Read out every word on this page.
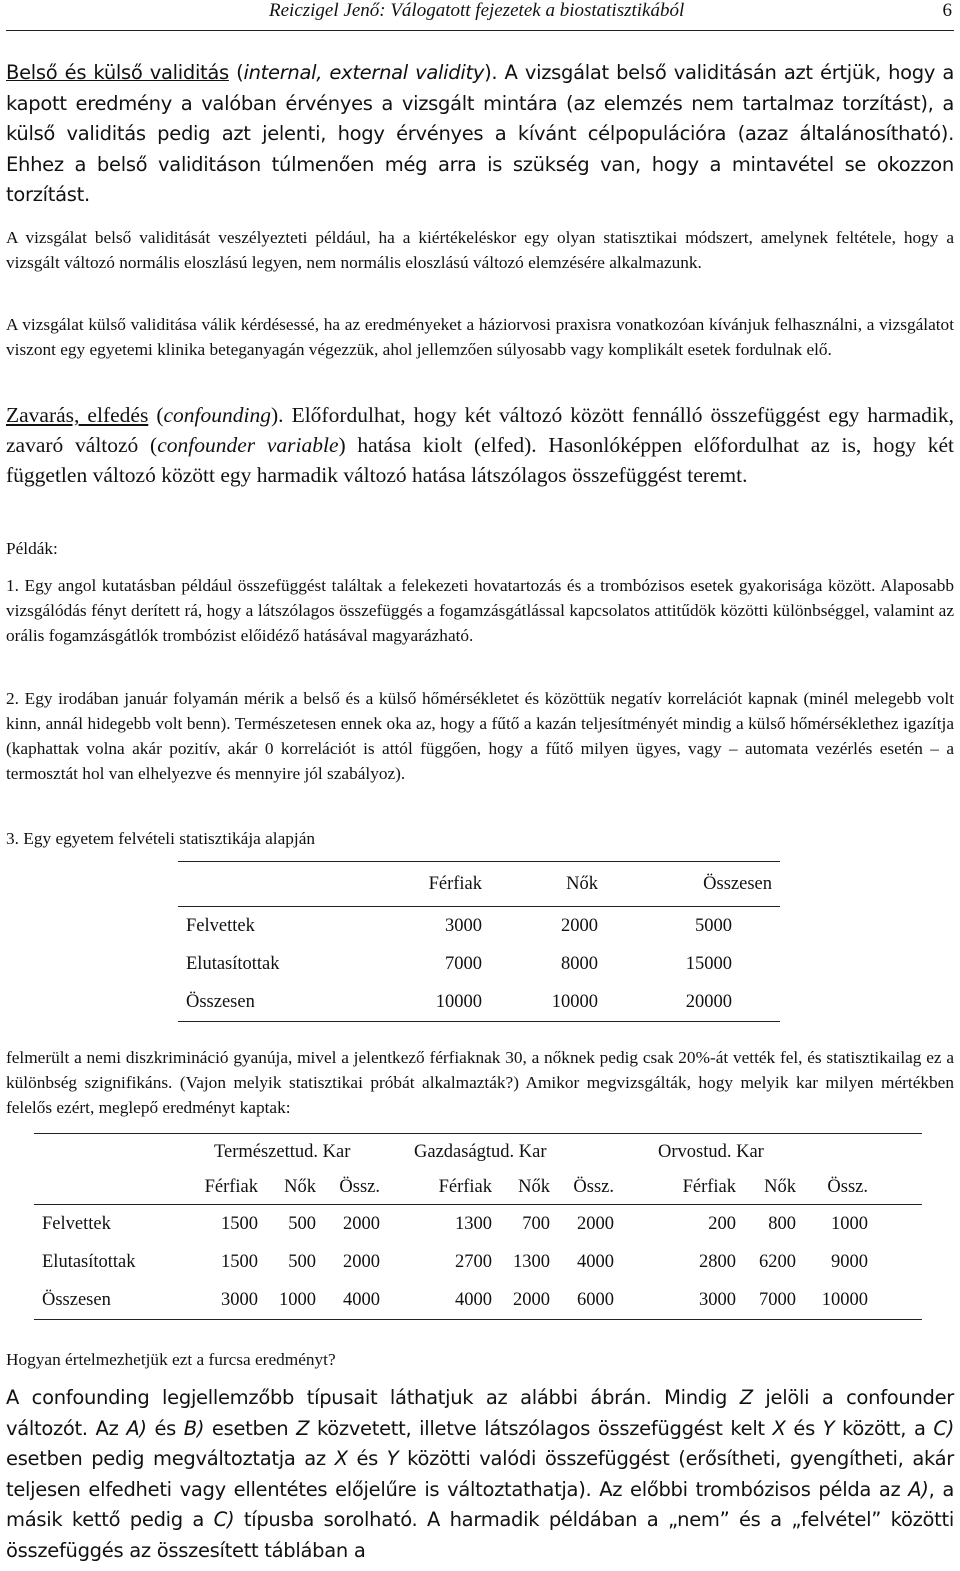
Reiczigel Jenő: Válogatott fejezetek a biostatisztikából	6

Belső és külső validitás (internal, external validity). A vizsgálat belső validitásán azt értjük, hogy a kapott eredmény a valóban érvényes a vizsgált mintára (az elemzés nem tartalmaz torzítást), a külső validitás pedig azt jelenti, hogy érvényes a kívánt célpopulációra (azaz általánosítható). Ehhez a belső validitáson túlmenően még arra is szükség van, hogy a mintavétel se okozzon torzítást.

A vizsgálat belső validitását veszélyezteti például, ha a kiértékeléskor egy olyan statisztikai módszert, amelynek feltétele, hogy a vizsgált változó normális eloszlású legyen, nem normális eloszlású változó elemzésére alkalmazunk.

A vizsgálat külső validitása válik kérdésessé, ha az eredményeket a háziorvosi praxisra vonatkozóan kívánjuk felhasználni, a vizsgálatot viszont egy egyetemi klinika beteganyagán végezzük, ahol jellemzően súlyosabb vagy komplikált esetek fordulnak elő.

Zavarás, elfedés (confounding). Előfordulhat, hogy két változó között fennálló összefüggést egy harmadik, zavaró változó (confounder variable) hatása kiolt (elfed). Hasonlóképpen előfordulhat az is, hogy két független változó között egy harmadik változó hatása látszólagos összefüggést teremt.

Példák:

1. Egy angol kutatásban például összefüggést találtak a felekezeti hovatartozás és a trombózisos esetek gyakorisága között. Alaposabb vizsgálódás fényt derített rá, hogy a látszólagos összefüggés a fogamzásgátlással kapcsolatos attitűdök közötti különbséggel, valamint az orális fogamzásgátlók trombózist előidéző hatásával magyarázható.

2. Egy irodában január folyamán mérik a belső és a külső hőmérsékletet és közöttük negatív korrelációt kapnak (minél melegebb volt kinn, annál hidegebb volt benn). Természetesen ennek oka az, hogy a fűtő a kazán teljesítményét mindig a külső hőmérséklethez igazítja (kaphattak volna akár pozitív, akár 0 korrelációt is attól függően, hogy a fűtő milyen ügyes, vagy – automata vezérlés esetén – a termosztát hol van elhelyezve és mennyire jól szabályoz).

3. Egy egyetem felvételi statisztikája alapján

	Férfiak	Nők	Összesen
Felvettek	3000	2000	5000
Elutasítottak	7000	8000	15000
Összesen	10000	10000	20000

felmerült a nemi diszkrimináció gyanúja, mivel a jelentkező férfiaknak 30, a nőknek pedig csak 20%-át vették fel, és statisztikailag ez a különbség szignifikáns. (Vajon melyik statisztikai próbát alkalmazták?) Amikor megvizsgálták, hogy melyik kar milyen mértékben felelős ezért, meglepő eredményt kaptak:

	Természettud. Kar			Gazdaságtud. Kar			Orvostud. Kar			
	Férfiak	Nők	Össz.	Férfiak	Nők	Össz.	Férfiak	Nők	Össz.	
Felvettek	1500	500	2000	1300	700	2000	200	800	1000	
Elutasítottak	1500	500	2000	2700	1300	4000	2800	6200	9000	
Összesen	3000	1000	4000	4000	2000	6000	3000	7000	10000	

Hogyan értelmezhetjük ezt a furcsa eredményt?

A confounding legjellemzőbb típusait láthatjuk az alábbi ábrán. Mindig Z jelöli a confounder változót. Az A) és B) esetben Z közvetett, illetve látszólagos összefüggést kelt X és Y között, a C) esetben pedig megváltoztatja az X és Y közötti valódi összefüggést (erősítheti, gyengítheti, akár teljesen elfedheti vagy ellentétes előjelűre is változtathatja). Az előbbi trombózisos példa az A), a másik kettő pedig a C) típusba sorolható. A harmadik példában a „nem” és a „felvétel” közötti összefüggés az összesített táblában a
